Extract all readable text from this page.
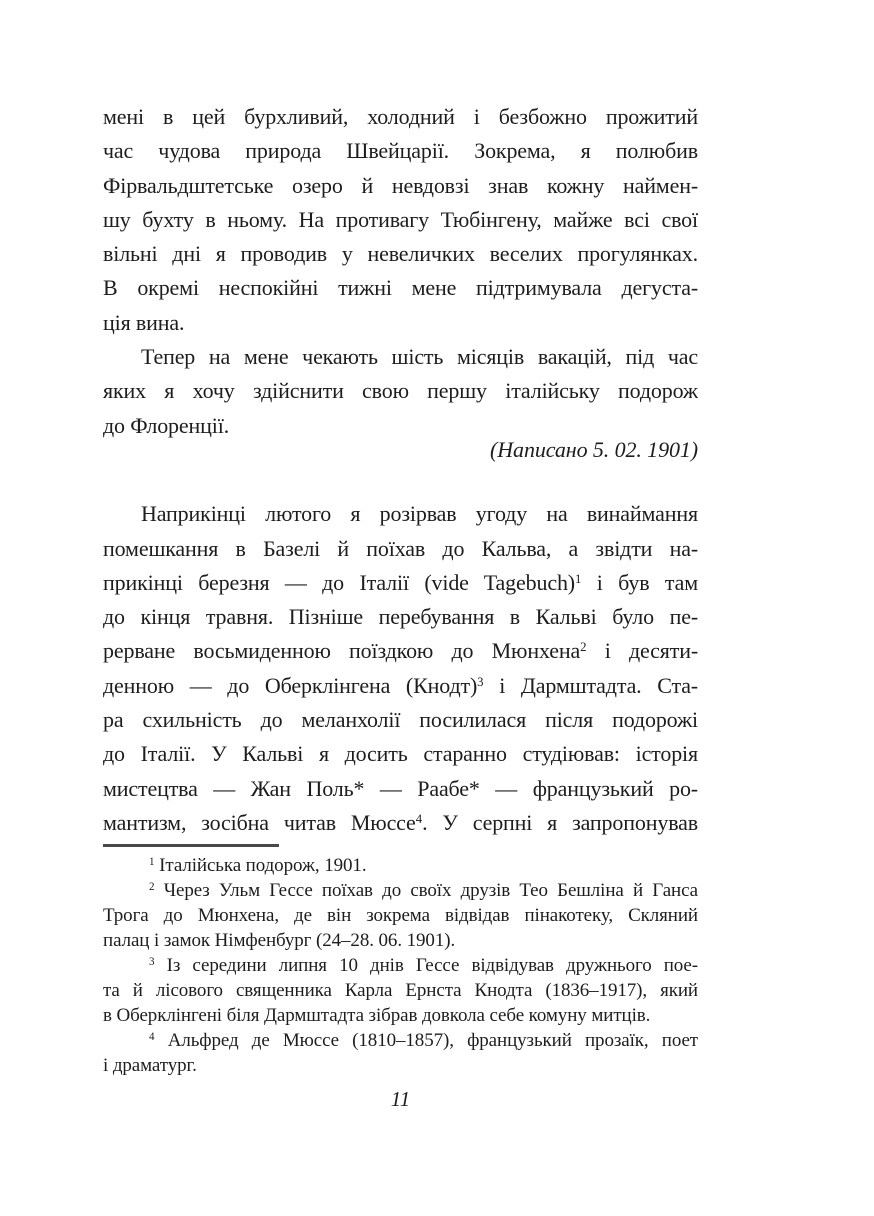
мені в цей бурхливий, холодний і безбожно прожитий
час чудова природа Швейцарії. Зокрема, я полюбив
Фірвальдштетське озеро й невдовзі знав кожну наймен-
шу бухту в ньому. На противагу Тюбінгену, майже всі свої
вільні дні я проводив у невеличких веселих прогулянках.
В окремі неспокійні тижні мене підтримувала дегуста-
ція вина.
Тепер на мене чекають шість місяців вакацій, під час
яких я хочу здійснити свою першу італійську подорож
до Флоренції.
(Написано 5. 02. 1901)
Наприкінці лютого я розірвав угоду на винаймання
помешкання в Базелі й поїхав до Кальва, а звідти на-
прикінці березня — до Італії (vide Tagebuch)$^1$ і був там
до кінця травня. Пізніше перебування в Кальві було пе-
рерване восьмиденною поїздкою до Мюнхена$^2$ і десяти-
денною — до Оберклінгена (Кнодт)$^3$ і Дармштадта. Ста-
ра схильність до меланхолії посилилася після подорожі
до Італії. У Кальві я досить старанно студіював: історія
мистецтва — Жан Поль* — Раабе* — французький ро-
мантизм, зосібна читав Мюссе$^4$. У серпні я запропонував
$^1$ Італійська подорож, 1901.
$^2$ Через Ульм Гессе поїхав до своїх друзів Тео Бешліна й Ганса
Трога до Мюнхена, де він зокрема відвідав пінакотеку, Скляний
палац і замок Німфенбург (24–28. 06. 1901).
$^3$ Із середини липня 10 днів Гессе відвідував дружнього пое-
та й лісового священника Карла Ернста Кнодта (1836–1917), який
в Оберклінгені біля Дармштадта зібрав довкола себе комуну митців.
$^4$ Альфред де Мюссе (1810–1857), французький прозаїк, поет
і драматург.
11
